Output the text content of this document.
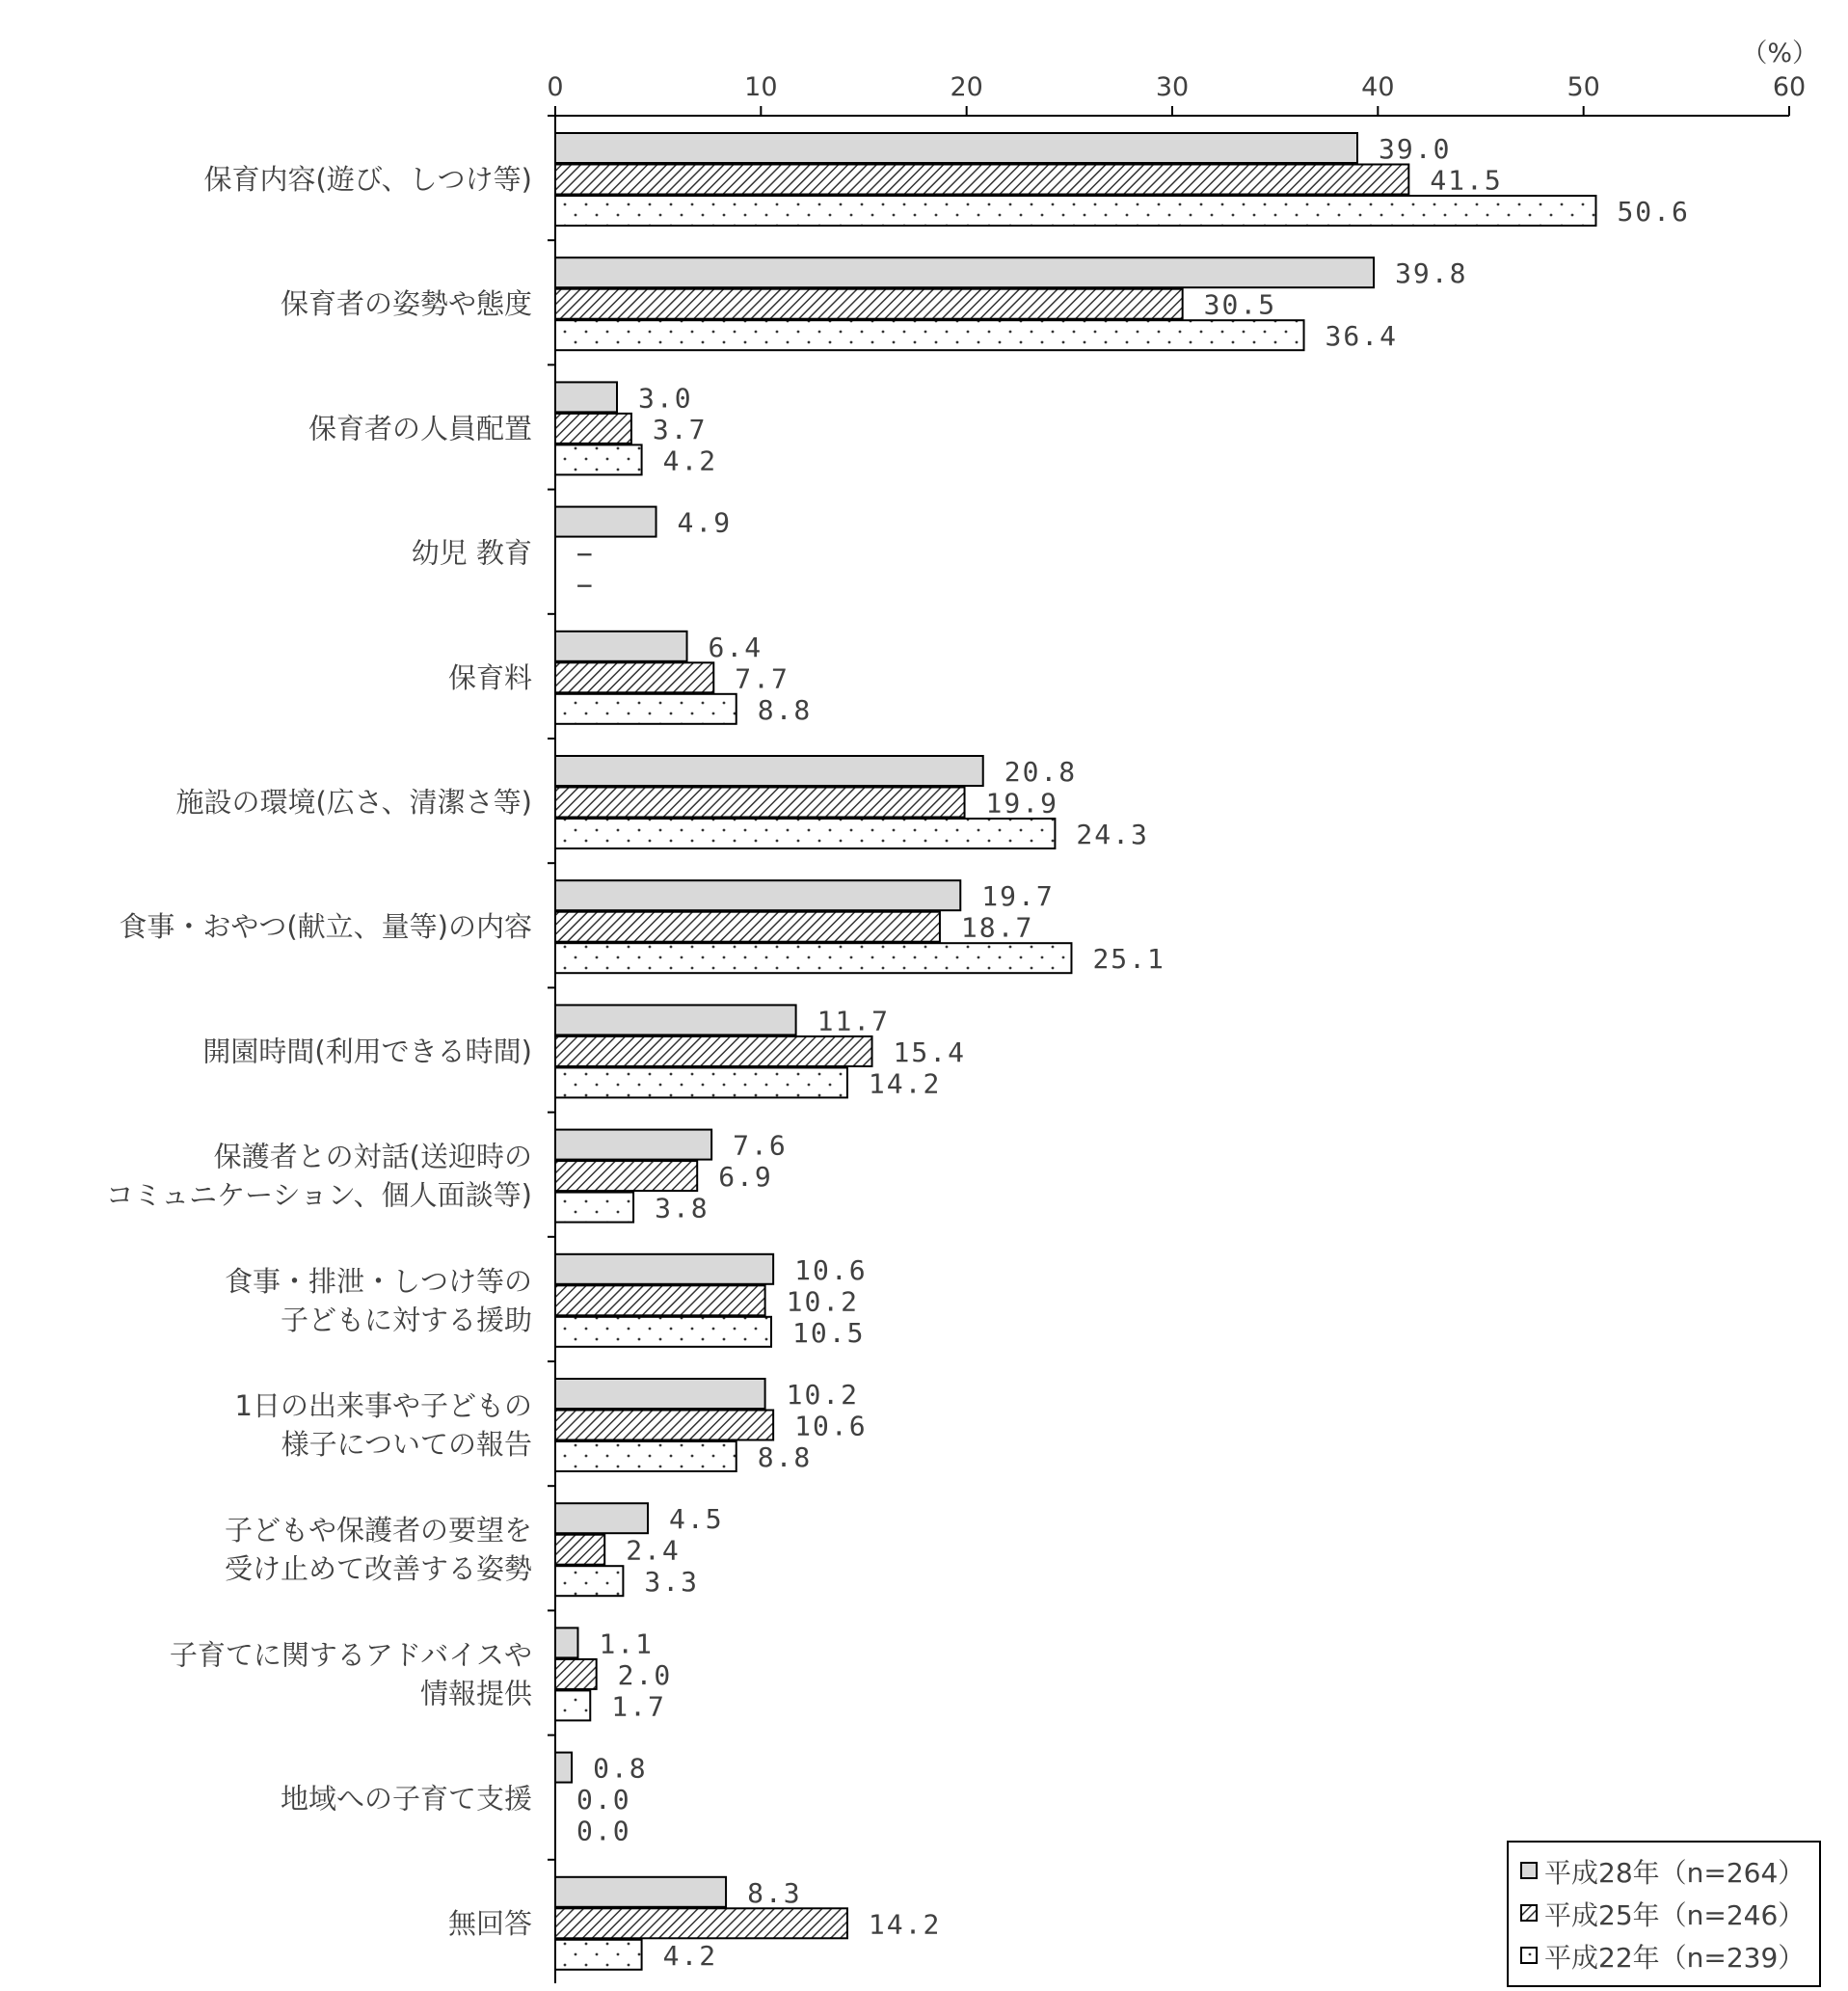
0	10	20	30	40	50	60
（%）
保育内容(遊び、しつけ等)
39.0
41.5
50.6
保育者の姿勢や態度
39.8
30.5
36.4
保育者の人員配置
3.0
3.7
4.2
幼児 教育
4.9
−
−
保育料
6.4
7.7
8.8
施設の環境(広さ、清潔さ等)
20.8
19.9
24.3
食事・おやつ(献立、量等)の内容
19.7
18.7
25.1
開園時間(利用できる時間)
11.7
15.4
14.2
保護者との対話(送迎時の
コミュニケーション、個人面談等)
7.6
6.9
3.8
食事・排泄・しつけ等の
子どもに対する援助
10.6
10.2
10.5
1日の出来事や子どもの
様子についての報告
10.2
10.6
8.8
子どもや保護者の要望を
受け止めて改善する姿勢
4.5
2.4
3.3
子育てに関するアドバイスや
情報提供
1.1
2.0
1.7
地域への子育て支援
0.8
0.0
0.0
無回答
8.3
14.2
4.2
平成28年（n=264）
平成25年（n=246）
平成22年（n=239）
